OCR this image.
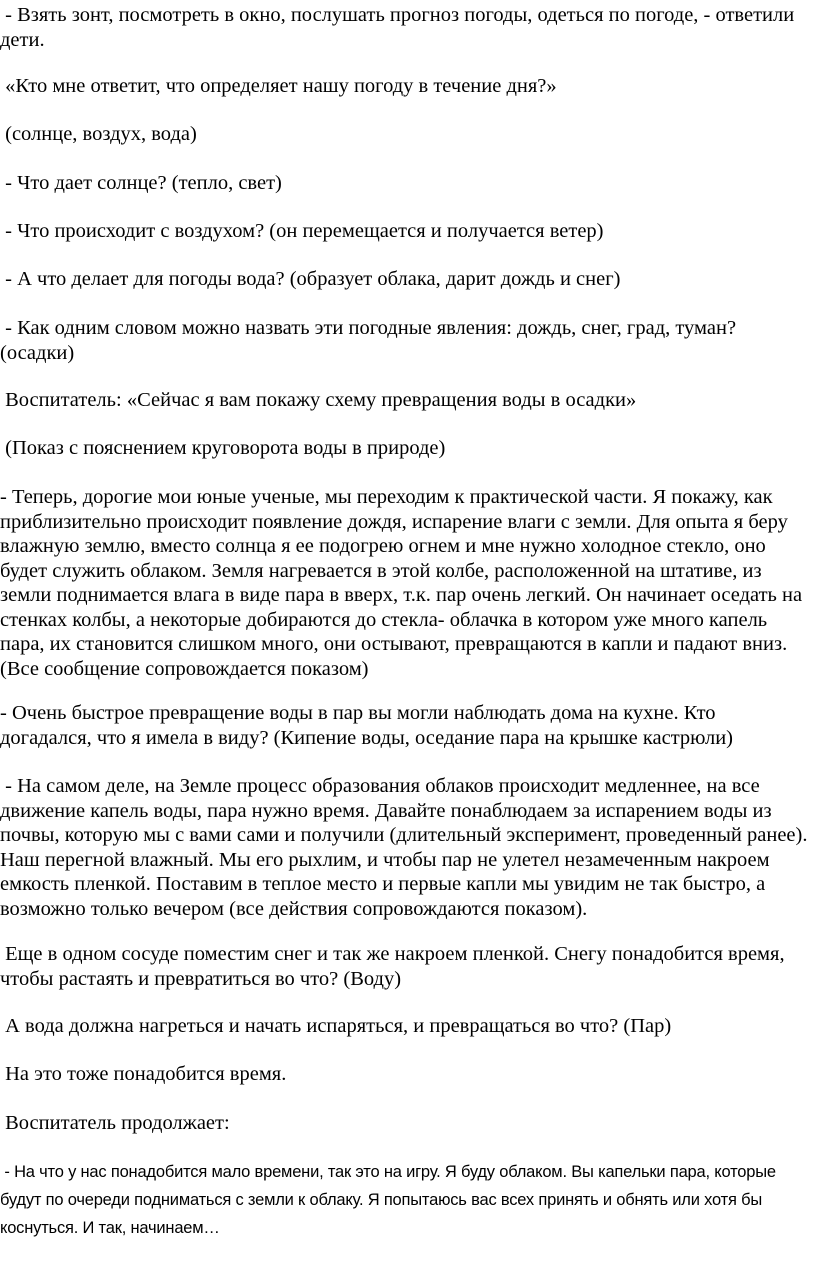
- Взять зонт, посмотреть в окно, послушать прогноз погоды, одеться по погоде, - ответили дети.

«Кто мне ответит, что определяет нашу погоду в течение дня?»

(солнце, воздух, вода)

- Что дает солнце? (тепло, свет)

- Что происходит с воздухом? (он перемещается и получается ветер)

- А что делает для погоды вода? (образует облака, дарит дождь и снег)

- Как одним словом можно назвать эти погодные явления: дождь, снег, град, туман? (осадки)

Воспитатель: «Сейчас я вам покажу схему превращения воды в осадки»

(Показ с пояснением круговорота воды в природе)

- Теперь, дорогие мои юные ученые, мы переходим к практической части. Я покажу, как приблизительно происходит появление дождя, испарение влаги с земли. Для опыта я беру влажную землю, вместо солнца я ее подогрею огнем и мне нужно холодное стекло, оно будет служить облаком. Земля нагревается в этой колбе, расположенной на штативе, из земли поднимается влага в виде пара в вверх, т.к. пар очень легкий. Он начинает оседать на стенках колбы, а некоторые добираются до стекла- облачка в котором уже много капель пара, их становится слишком много, они остывают, превращаются в капли и падают вниз. (Все сообщение сопровождается показом)

- Очень быстрое превращение воды в пар вы могли наблюдать дома на кухне. Кто догадался, что я имела в виду? (Кипение воды, оседание пара на крышке кастрюли)

- На самом деле, на Земле процесс образования облаков происходит медленнее, на все движение капель воды, пара нужно время. Давайте понаблюдаем за испарением воды из почвы, которую мы с вами сами и получили (длительный эксперимент, проведенный ранее). Наш перегной влажный. Мы его рыхлим, и чтобы пар не улетел незамеченным накроем емкость пленкой. Поставим в теплое место и первые капли мы увидим не так быстро, а возможно только вечером (все действия сопровождаются показом).

Еще в одном сосуде поместим снег и так же накроем пленкой. Снегу понадобится время, чтобы растаять и превратиться во что? (Воду)

А вода должна нагреться и начать испаряться, и превращаться во что? (Пар)

На это тоже понадобится время.

Воспитатель продолжает:

- На что у нас понадобится мало времени, так это на игру. Я буду облаком. Вы капельки пара, которые будут по очереди подниматься с земли к облаку. Я попытаюсь вас всех принять и обнять или хотя бы коснуться. И так, начинаем…
